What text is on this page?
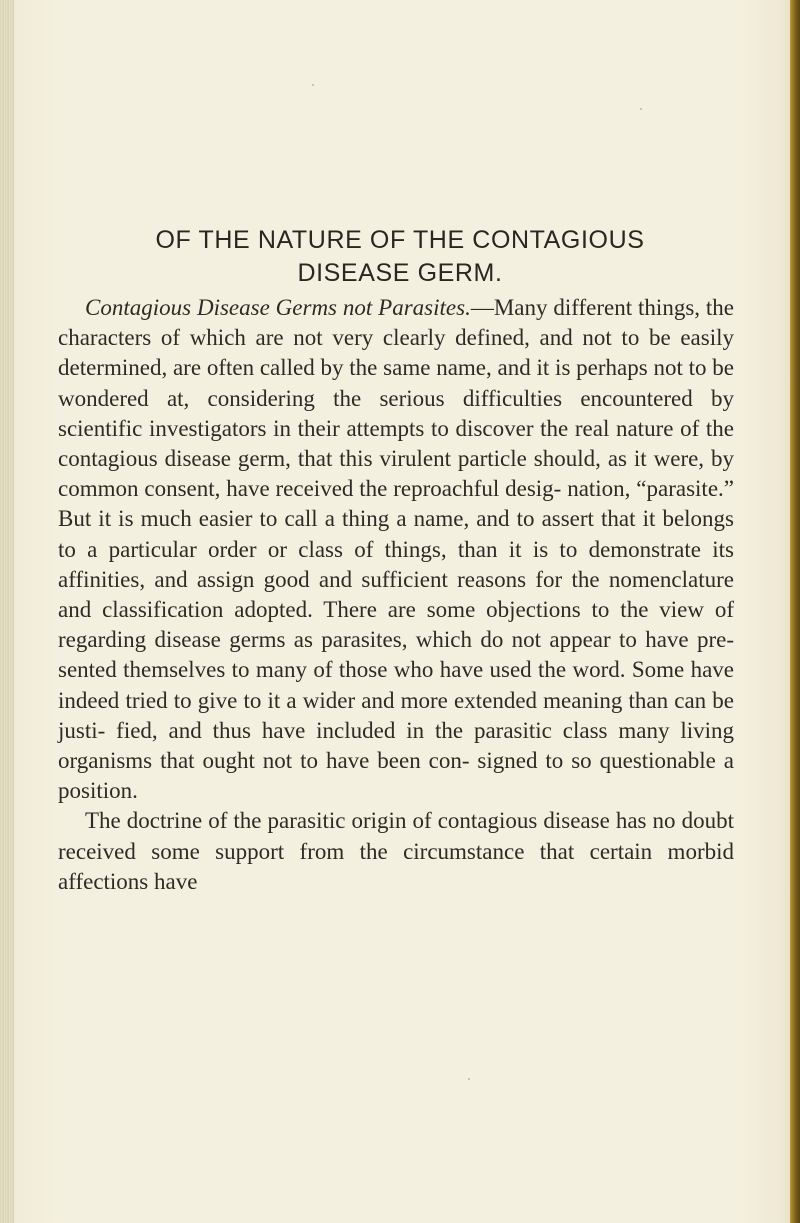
OF THE NATURE OF THE CONTAGIOUS
DISEASE GERM.

Contagious Disease Germs not Parasites.—Many different things, the characters of which are not very clearly defined, and not to be easily determined, are often called by the same name, and it is perhaps not to be wondered at, considering the serious difficulties encountered by scientific investigators in their attempts to discover the real nature of the contagious disease germ, that this virulent particle should, as it were, by common consent, have received the reproachful desig- nation, “parasite.” But it is much easier to call a thing a name, and to assert that it belongs to a particular order or class of things, than it is to demonstrate its affinities, and assign good and sufficient reasons for the nomenclature and classification adopted. There are some objections to the view of regarding disease germs as parasites, which do not appear to have pre- sented themselves to many of those who have used the word. Some have indeed tried to give to it a wider and more extended meaning than can be justi- fied, and thus have included in the parasitic class many living organisms that ought not to have been con- signed to so questionable a position.

The doctrine of the parasitic origin of contagious disease has no doubt received some support from the circumstance that certain morbid affections have
